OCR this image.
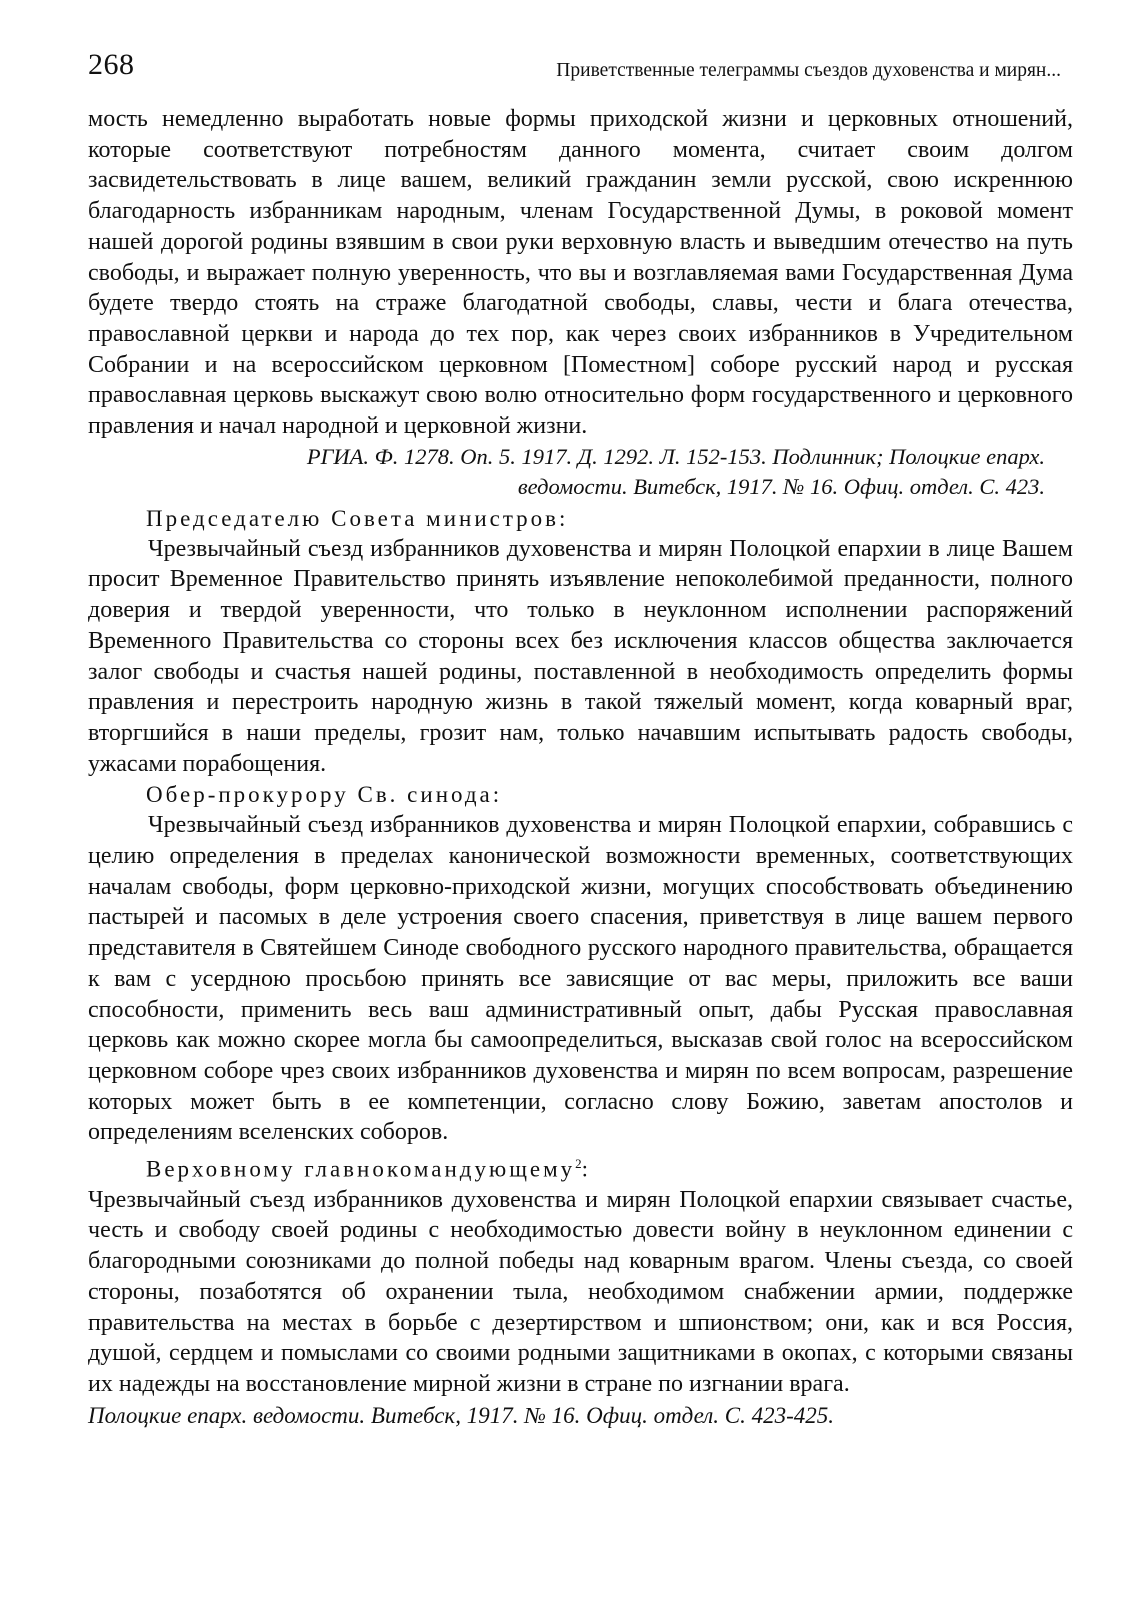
268	Приветственные телеграммы съездов духовенства и мирян...

мость немедленно выработать новые формы приходской жизни и церковных отношений, которые соответствуют потребностям данного момента, считает своим долгом засвидетельствовать в лице вашем, великий гражданин земли русской, свою искреннюю благодарность избранникам народным, членам Государственной Думы, в роковой момент нашей дорогой родины взявшим в свои руки верховную власть и выведшим отечество на путь свободы, и выражает полную уверенность, что вы и возглавляемая вами Государственная Дума будете твердо стоять на страже благодатной свободы, славы, чести и блага отечества, православной церкви и народа до тех пор, как через своих избранников в Учредительном Собрании и на всероссийском церковном [Поместном] соборе русский народ и русская православная церковь выскажут свою волю относительно форм государственного и церковного правления и начал народной и церковной жизни.

РГИА. Ф. 1278. Оп. 5. 1917. Д. 1292. Л. 152-153. Подлинник; Полоцкие епарх.
ведомости. Витебск, 1917. № 16. Офиц. отдел. С. 423.

Председателю Совета министров:

Чрезвычайный съезд избранников духовенства и мирян Полоцкой епархии в лице Вашем просит Временное Правительство принять изъявление непоколебимой преданности, полного доверия и твердой уверенности, что только в неуклонном исполнении распоряжений Временного Правительства со стороны всех без исключения классов общества заключается залог свободы и счастья нашей родины, поставленной в необходимость определить формы правления и перестроить народную жизнь в такой тяжелый момент, когда коварный враг, вторгшийся в наши пределы, грозит нам, только начавшим испытывать радость свободы, ужасами порабощения.

Обер-прокурору Св. синода:

Чрезвычайный съезд избранников духовенства и мирян Полоцкой епархии, собравшись с целию определения в пределах канонической возможности временных, соответствующих началам свободы, форм церковно-приходской жизни, могущих способствовать объединению пастырей и пасомых в деле устроения своего спасения, приветствуя в лице вашем первого представителя в Святейшем Синоде свободного русского народного правительства, обращается к вам с усердною просьбою принять все зависящие от вас меры, приложить все ваши способности, применить весь ваш административный опыт, дабы Русская православная церковь как можно скорее могла бы самоопределиться, высказав свой голос на всероссийском церковном соборе чрез своих избранников духовенства и мирян по всем вопросам, разрешение которых может быть в ее компетенции, согласно слову Божию, заветам апостолов и определениям вселенских соборов.

Верховному главнокомандующему$^2$:

Чрезвычайный съезд избранников духовенства и мирян Полоцкой епархии связывает счастье, честь и свободу своей родины с необходимостью довести войну в неуклонном единении с благородными союзниками до полной победы над коварным врагом. Члены съезда, со своей стороны, позаботятся об охранении тыла, необходимом снабжении армии, поддержке правительства на местах в борьбе с дезертирством и шпионством; они, как и вся Россия, душой, сердцем и помыслами со своими родными защитниками в окопах, с которыми связаны их надежды на восстановление мирной жизни в стране по изгнании врага.

Полоцкие епарх. ведомости. Витебск, 1917. № 16. Офиц. отдел. С. 423-425.
